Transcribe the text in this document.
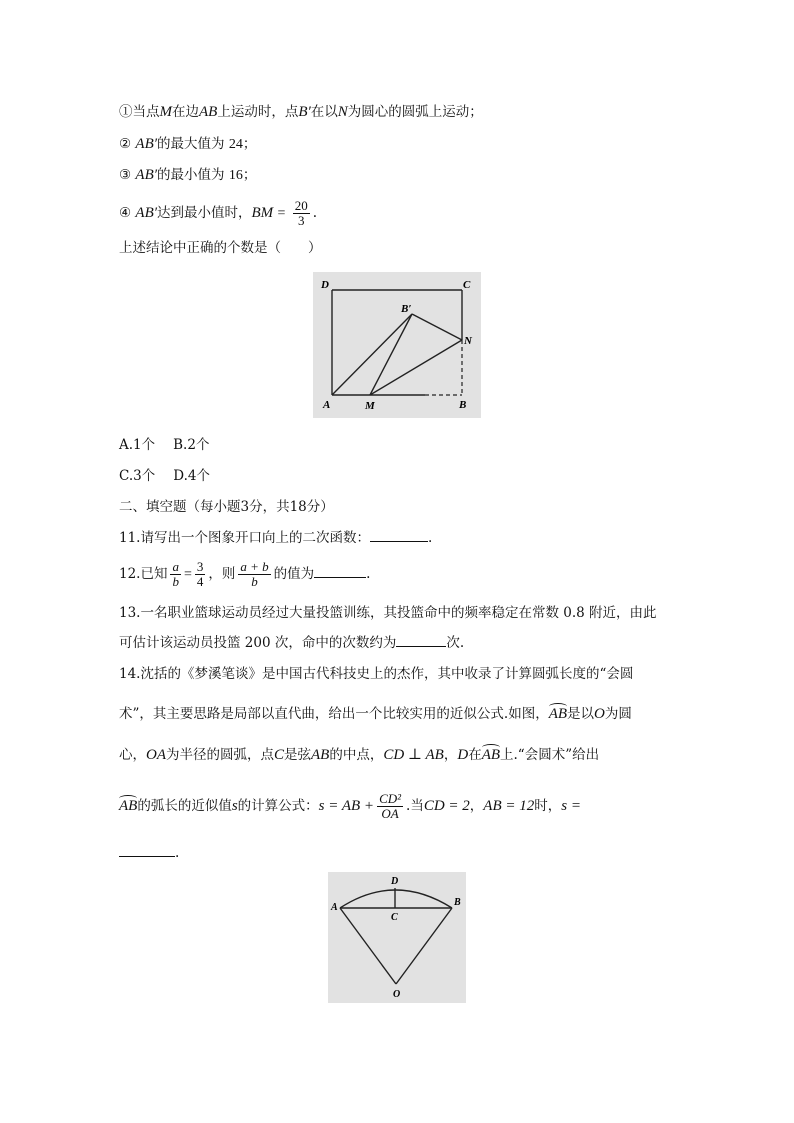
①当点M在边AB上运动时，点B′在以N为圆心的圆弧上运动；
② AB′的最大值为 24；
③ AB′的最小值为 16；
④ AB′达到最小值时，BM = $\frac{20}{3}$ .
上述结论中正确的个数是（　　）
D	C
B′
N
A	M	B
A.1个 B.2个
C.3个 D.4个
二、填空题（每小题3分，共18分）
11.请写出一个图象开口向上的二次函数：	.
12.已知 $\frac{a}{b} = \frac{3}{4}$ ，则 $\frac{a + b}{b}$ 的值为	.
13.一名职业篮球运动员经过大量投篮训练，其投篮命中的频率稳定在常数 0.8 附近，由此
可估计该运动员投篮 200 次，命中的次数约为	次.
14.沈括的《梦溪笔谈》是中国古代科技史上的杰作，其中收录了计算圆弧长度的“会圆
术”，其主要思路是局部以直代曲，给出一个比较实用的近似公式.如图，AB是以O为圆
心，OA为半径的圆弧，点C是弦AB的中点，CD ⊥ AB，D在AB上.“会圆术”给出
AB的弧长的近似值s的计算公式：s = AB + $\frac{\text{CD²}}{OA}$ .当CD = 2，AB = 12时，s =
.
D
A	B
C
O
